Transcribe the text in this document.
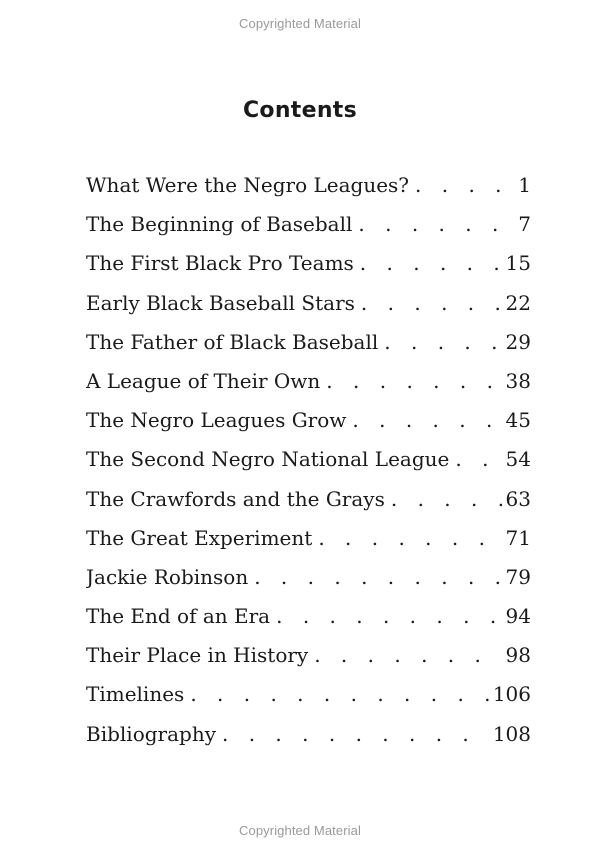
Copyrighted Material
Contents
What Were the Negro Leagues? . . .	1
The Beginning of Baseball . . .	7
The First Black Pro Teams . . .	15
Early Black Baseball Stars . . .	22
The Father of Black Baseball . . .	29
A League of Their Own . . .	38
The Negro Leagues Grow . . .	45
The Second Negro National League . . .	54
The Crawfords and the Grays . . .	63
The Great Experiment . . .	71
Jackie Robinson . . .	79
The End of an Era . . .	94
Their Place in History . . .	98
Timelines . . .	106
Bibliography . . .	108
Copyrighted Material
